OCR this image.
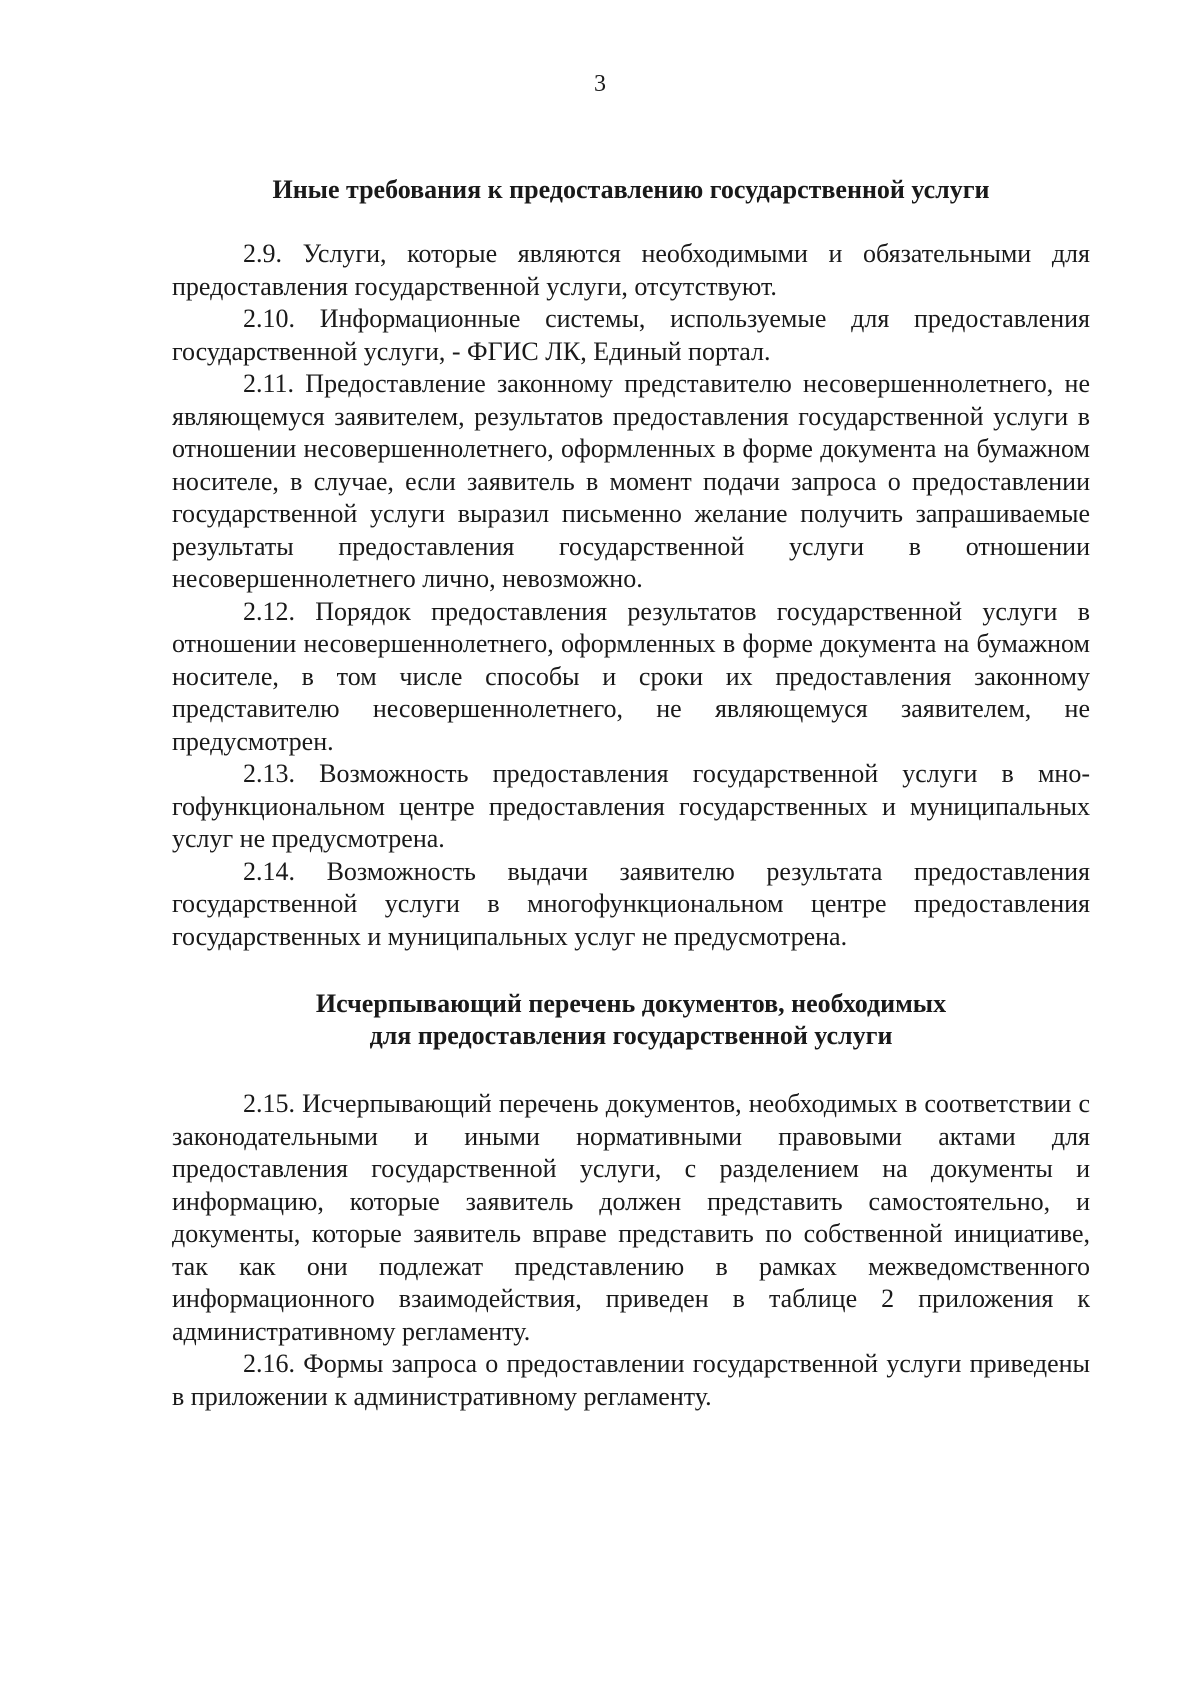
3
Иные требования к предоставлению государственной услуги

2.9. Услуги, которые являются необходимыми и обязательными для предоставления государственной услуги, отсутствуют.

2.10. Информационные системы, используемые для предоставления государственной услуги, - ФГИС ЛК, Единый портал.

2.11. Предоставление законному представителю несовершеннолетнего, не являющемуся заявителем, результатов предоставления государственной услуги в отношении несовершеннолетнего, оформленных в форме документа на бумажном носителе, в случае, если заявитель в момент подачи запроса о предоставлении государственной услуги выразил письменно желание получить запрашиваемые результаты предоставления государственной услуги в отношении несовершеннолетнего лично, невозможно.

2.12. Порядок предоставления результатов государственной услуги в отношении несовершеннолетнего, оформленных в форме документа на бумажном носителе, в том числе способы и сроки их предоставления законному представителю несовершеннолетнего, не являющемуся заявителем, не предусмотрен.

2.13. Возможность предоставления государственной услуги в многофункциональном центре предоставления государственных и муниципальных услуг не предусмотрена.

2.14. Возможность выдачи заявителю результата предоставления государственной услуги в многофункциональном центре предоставления государственных и муниципальных услуг не предусмотрена.

Исчерпывающий перечень документов, необходимых
для предоставления государственной услуги

2.15. Исчерпывающий перечень документов, необходимых в соответствии с законодательными и иными нормативными правовыми актами для предоставления государственной услуги, с разделением на документы и информацию, которые заявитель должен представить самостоятельно, и документы, которые заявитель вправе представить по собственной инициативе, так как они подлежат представлению в рамках межведомственного информационного взаимодействия, приведен в таблице 2 приложения к административному регламенту.

2.16. Формы запроса о предоставлении государственной услуги приведены в приложении к административному регламенту.
